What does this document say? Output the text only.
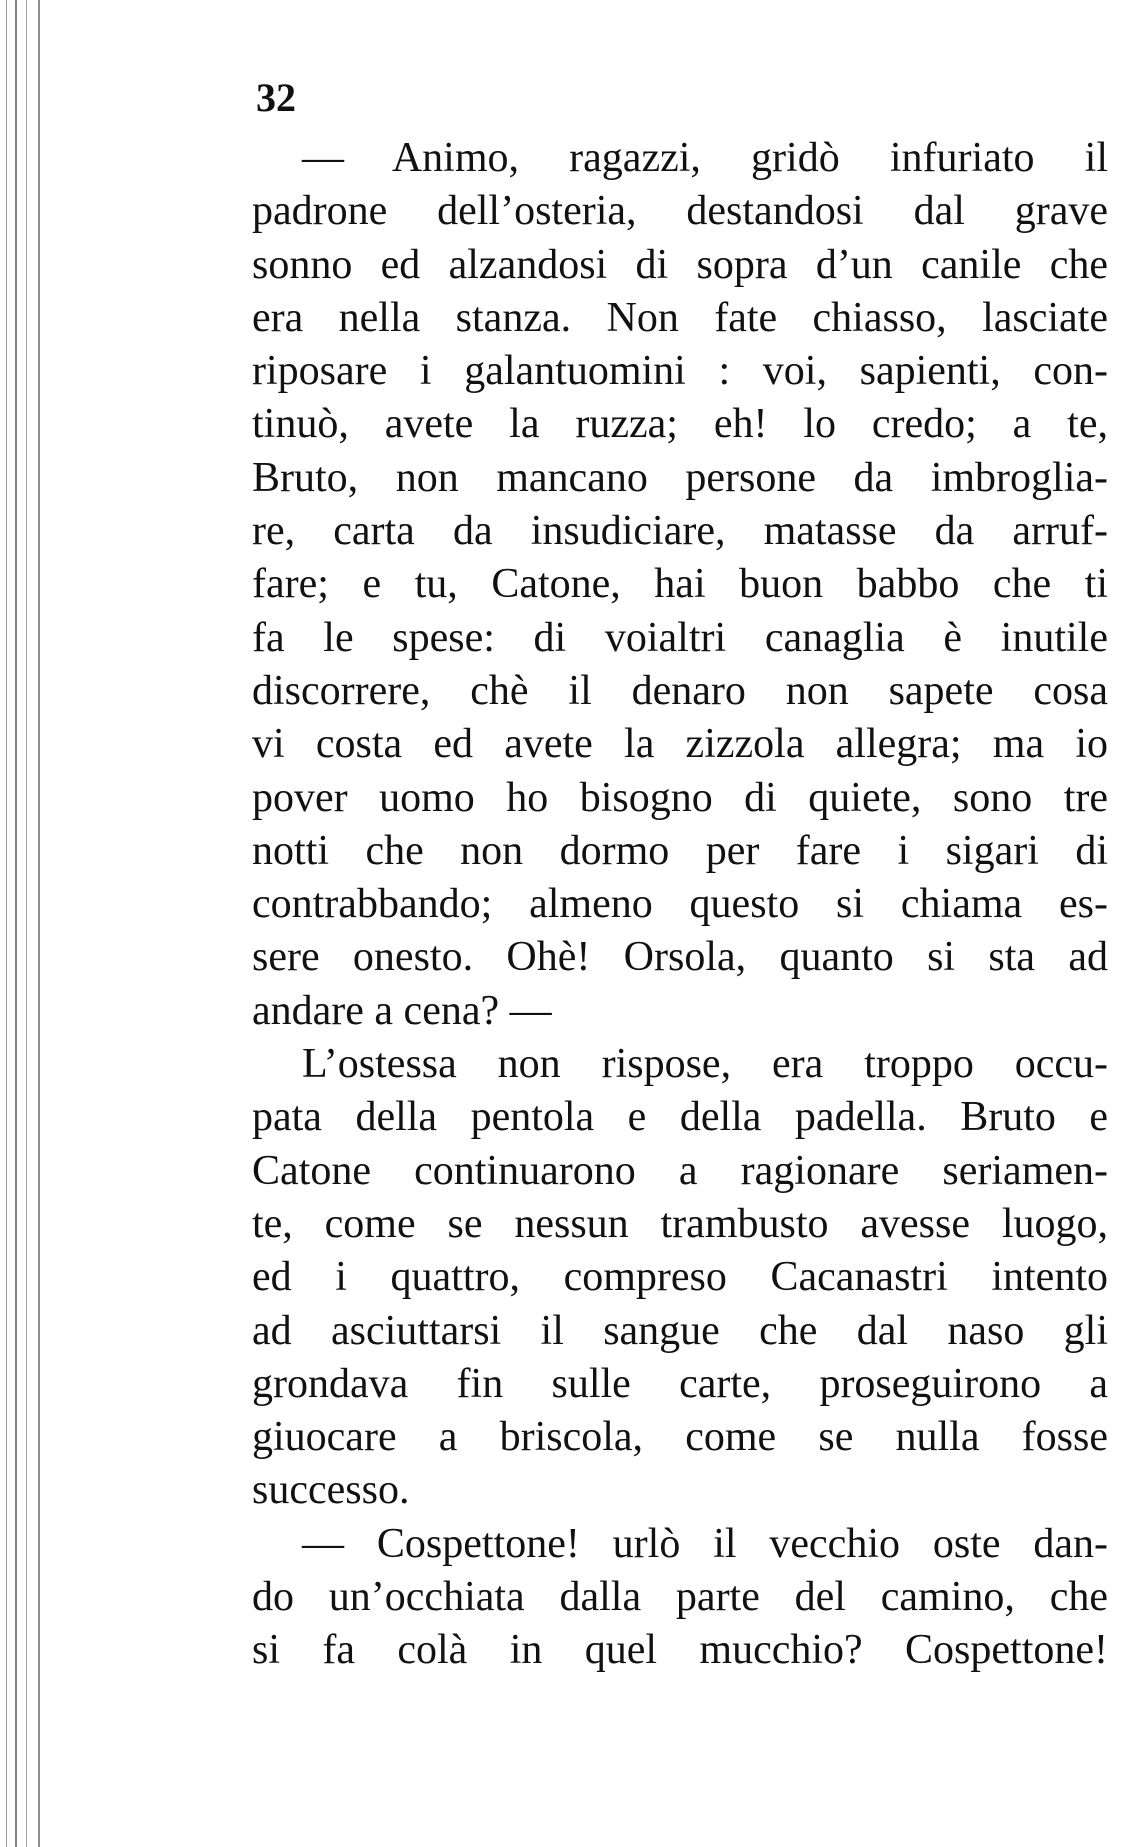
32
— Animo, ragazzi, gridò infuriato il
padrone dell’osteria, destandosi dal grave
sonno ed alzandosi di sopra d’un canile che
era nella stanza. Non fate chiasso, lasciate
riposare i galantuomini : voi, sapienti, con-
tinuò, avete la ruzza; eh! lo credo; a te,
Bruto, non mancano persone da imbroglia-
re, carta da insudiciare, matasse da arruf-
fare; e tu, Catone, hai buon babbo che ti
fa le spese: di voialtri canaglia è inutile
discorrere, chè il denaro non sapete cosa
vi costa ed avete la zizzola allegra; ma io
pover uomo ho bisogno di quiete, sono tre
notti che non dormo per fare i sigari di
contrabbando; almeno questo si chiama es-
sere onesto. Ohè! Orsola, quanto si sta ad
andare a cena? —
L’ostessa non rispose, era troppo occu-
pata della pentola e della padella. Bruto e
Catone continuarono a ragionare seriamen-
te, come se nessun trambusto avesse luogo,
ed i quattro, compreso Cacanastri intento
ad asciuttarsi il sangue che dal naso gli
grondava fin sulle carte, proseguirono a
giuocare a briscola, come se nulla fosse
successo.
— Cospettone! urlò il vecchio oste dan-
do un’occhiata dalla parte del camino, che
si fa colà in quel mucchio? Cospettone!
